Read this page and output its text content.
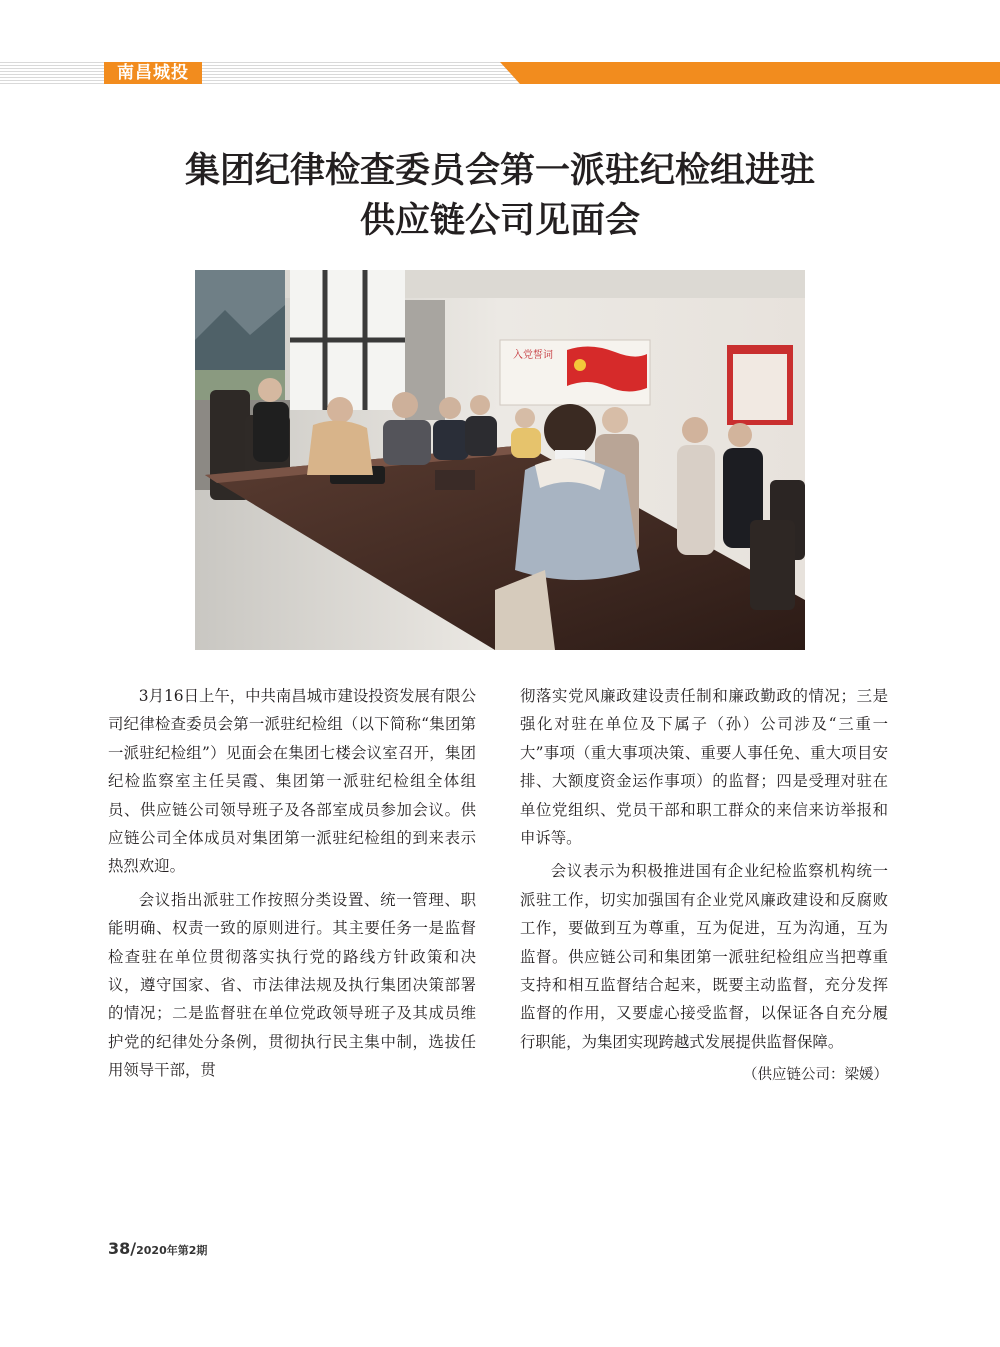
南昌城投
集团纪律检查委员会第一派驻纪检组进驻
供应链公司见面会
入党誓词

3月16日上午，中共南昌城市建设投资发展有限公司纪律检查委员会第一派驻纪检组（以下简称“集团第一派驻纪检组”）见面会在集团七楼会议室召开，集团纪检监察室主任吴霞、集团第一派驻纪检组全体组员、供应链公司领导班子及各部室成员参加会议。供应链公司全体成员对集团第一派驻纪检组的到来表示热烈欢迎。

会议指出派驻工作按照分类设置、统一管理、职能明确、权责一致的原则进行。其主要任务一是监督检查驻在单位贯彻落实执行党的路线方针政策和决议，遵守国家、省、市法律法规及执行集团决策部署的情况；二是监督驻在单位党政领导班子及其成员维护党的纪律处分条例，贯彻执行民主集中制，选拔任用领导干部，贯

彻落实党风廉政建设责任制和廉政勤政的情况；三是强化对驻在单位及下属子（孙）公司涉及“三重一大”事项（重大事项决策、重要人事任免、重大项目安排、大额度资金运作事项）的监督；四是受理对驻在单位党组织、党员干部和职工群众的来信来访举报和申诉等。

会议表示为积极推进国有企业纪检监察机构统一派驻工作，切实加强国有企业党风廉政建设和反腐败工作，要做到互为尊重，互为促进，互为沟通，互为监督。供应链公司和集团第一派驻纪检组应当把尊重支持和相互监督结合起来，既要主动监督，充分发挥监督的作用，又要虚心接受监督，以保证各自充分履行职能，为集团实现跨越式发展提供监督保障。

（供应链公司：梁媛）

38/2020年第2期
